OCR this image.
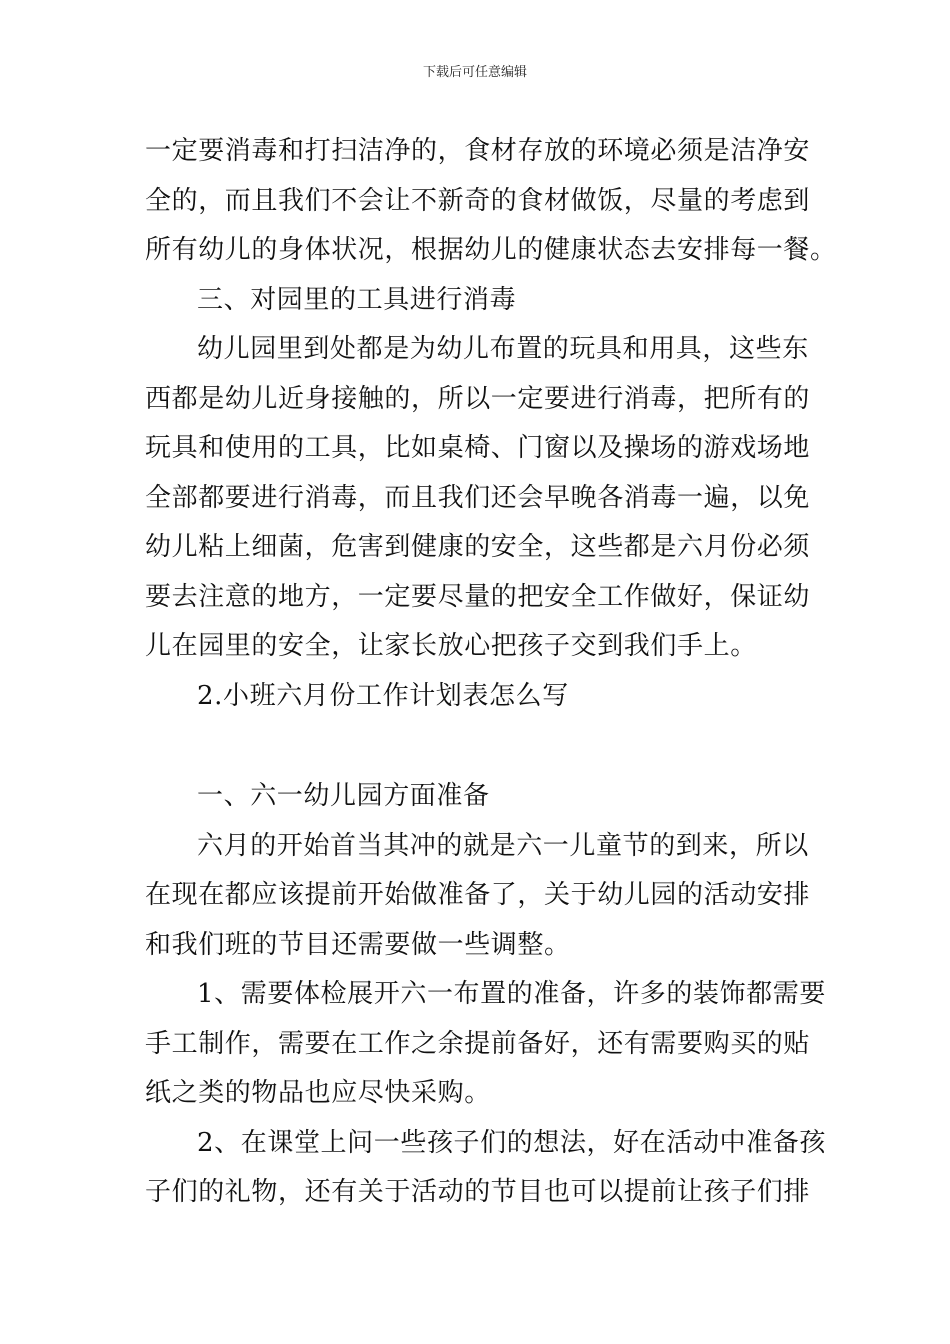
下载后可任意编辑
一定要消毒和打扫洁净的，食材存放的环境必须是洁净安
全的，而且我们不会让不新奇的食材做饭，尽量的考虑到
所有幼儿的身体状况，根据幼儿的健康状态去安排每一餐。
三、对园里的工具进行消毒
幼儿园里到处都是为幼儿布置的玩具和用具，这些东
西都是幼儿近身接触的，所以一定要进行消毒，把所有的
玩具和使用的工具，比如桌椅、门窗以及操场的游戏场地
全部都要进行消毒，而且我们还会早晚各消毒一遍，以免
幼儿粘上细菌，危害到健康的安全，这些都是六月份必须
要去注意的地方，一定要尽量的把安全工作做好，保证幼
儿在园里的安全，让家长放心把孩子交到我们手上。
2.小班六月份工作计划表怎么写
一、六一幼儿园方面准备
六月的开始首当其冲的就是六一儿童节的到来，所以
在现在都应该提前开始做准备了，关于幼儿园的活动安排
和我们班的节目还需要做一些调整。
1、需要体检展开六一布置的准备，许多的装饰都需要
手工制作，需要在工作之余提前备好，还有需要购买的贴
纸之类的物品也应尽快采购。
2、在课堂上问一些孩子们的想法，好在活动中准备孩
子们的礼物，还有关于活动的节目也可以提前让孩子们排
